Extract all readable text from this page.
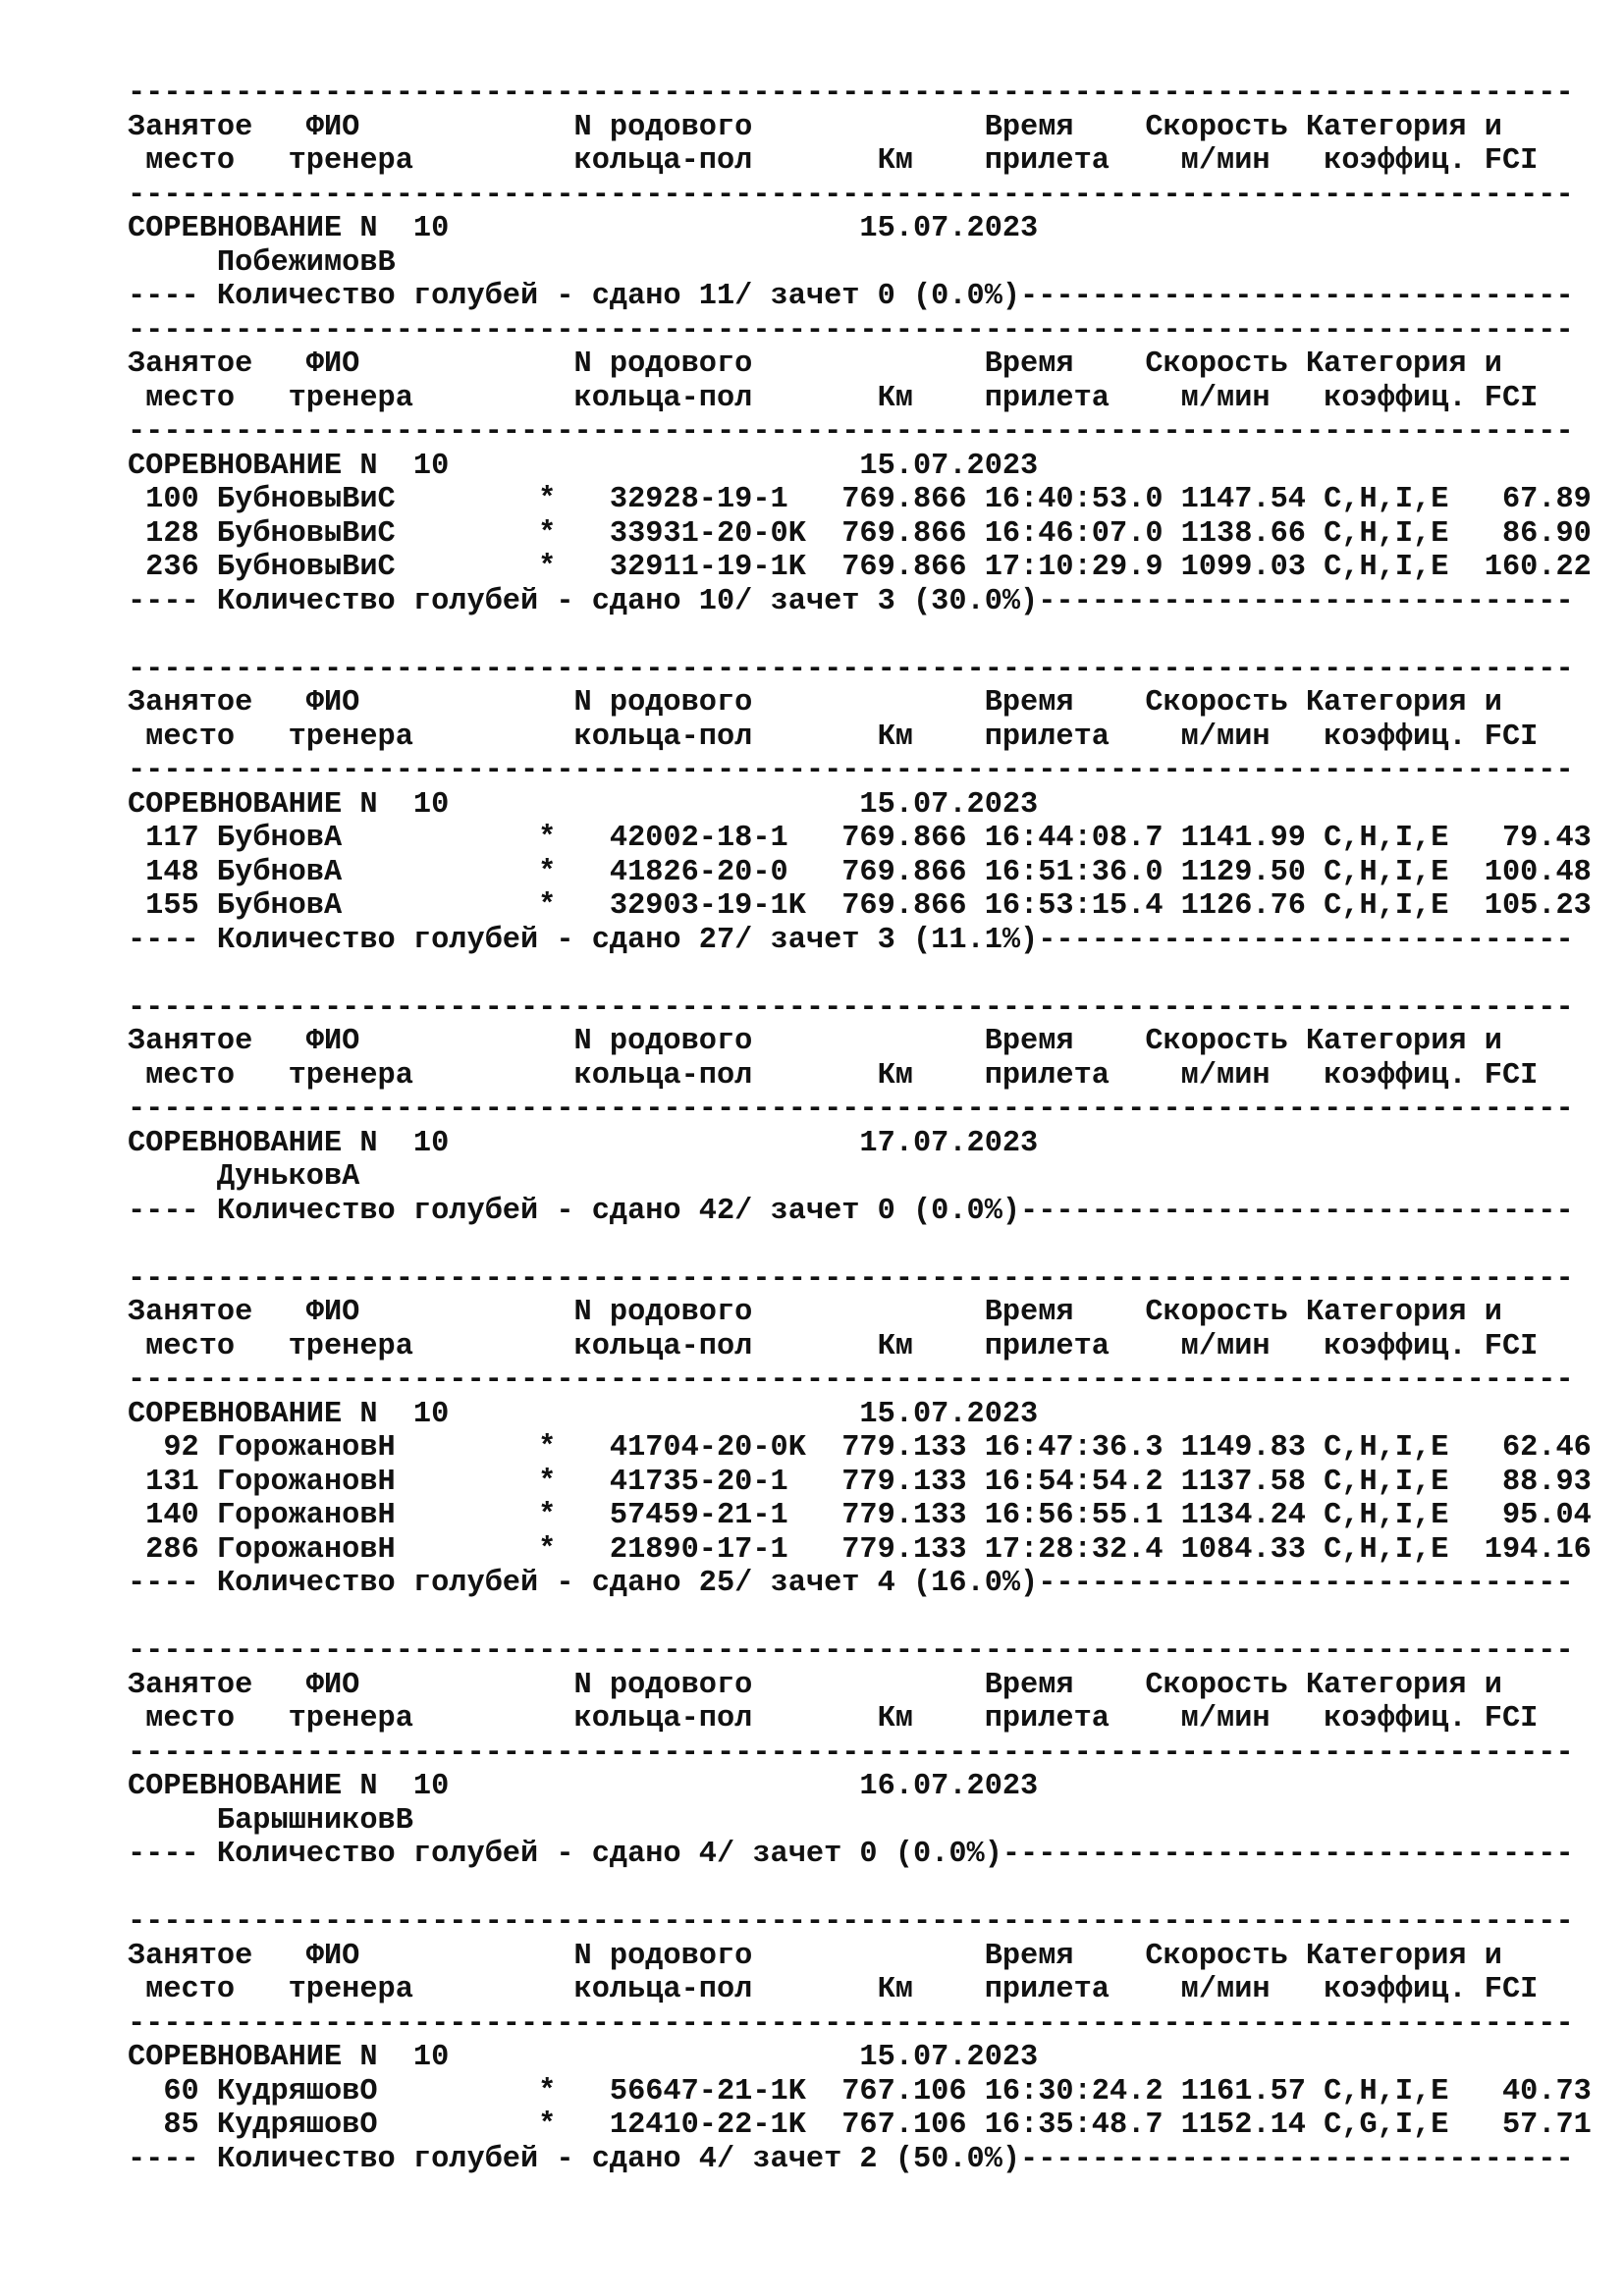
---------------------------------------------------------------------------------
Занятое   ФИО            N родового             Время    Скорость Категория и
место   тренера         кольца-пол       Км    прилета    м/мин   коэффиц. FCI
---------------------------------------------------------------------------------
СОРЕВНОВАНИЕ N  10                       15.07.2023
ПобежимовВ
---- Количество голубей - сдано 11/ зачет 0 (0.0%)-------------------------------
---------------------------------------------------------------------------------
Занятое   ФИО            N родового             Время    Скорость Категория и
место   тренера         кольца-пол       Км    прилета    м/мин   коэффиц. FCI
---------------------------------------------------------------------------------
СОРЕВНОВАНИЕ N  10                       15.07.2023
100 БубновыВиС        *   32928-19-1   769.866 16:40:53.0 1147.54 C,H,I,E   67.89
128 БубновыВиС        *   33931-20-0K  769.866 16:46:07.0 1138.66 C,H,I,E   86.90
236 БубновыВиС        *   32911-19-1K  769.866 17:10:29.9 1099.03 C,H,I,E  160.22
---- Количество голубей - сдано 10/ зачет 3 (30.0%)------------------------------
---------------------------------------------------------------------------------
Занятое   ФИО            N родового             Время    Скорость Категория и
место   тренера         кольца-пол       Км    прилета    м/мин   коэффиц. FCI
---------------------------------------------------------------------------------
СОРЕВНОВАНИЕ N  10                       15.07.2023
117 БубновА           *   42002-18-1   769.866 16:44:08.7 1141.99 C,H,I,E   79.43
148 БубновА           *   41826-20-0   769.866 16:51:36.0 1129.50 C,H,I,E  100.48
155 БубновА           *   32903-19-1K  769.866 16:53:15.4 1126.76 C,H,I,E  105.23
---- Количество голубей - сдано 27/ зачет 3 (11.1%)------------------------------
---------------------------------------------------------------------------------
Занятое   ФИО            N родового             Время    Скорость Категория и
место   тренера         кольца-пол       Км    прилета    м/мин   коэффиц. FCI
---------------------------------------------------------------------------------
СОРЕВНОВАНИЕ N  10                       17.07.2023
ДуньковА
---- Количество голубей - сдано 42/ зачет 0 (0.0%)-------------------------------
---------------------------------------------------------------------------------
Занятое   ФИО            N родового             Время    Скорость Категория и
место   тренера         кольца-пол       Км    прилета    м/мин   коэффиц. FCI
---------------------------------------------------------------------------------
СОРЕВНОВАНИЕ N  10                       15.07.2023
92 ГорожановН        *   41704-20-0K  779.133 16:47:36.3 1149.83 C,H,I,E   62.46
131 ГорожановН        *   41735-20-1   779.133 16:54:54.2 1137.58 C,H,I,E   88.93
140 ГорожановН        *   57459-21-1   779.133 16:56:55.1 1134.24 C,H,I,E   95.04
286 ГорожановН        *   21890-17-1   779.133 17:28:32.4 1084.33 C,H,I,E  194.16
---- Количество голубей - сдано 25/ зачет 4 (16.0%)------------------------------
---------------------------------------------------------------------------------
Занятое   ФИО            N родового             Время    Скорость Категория и
место   тренера         кольца-пол       Км    прилета    м/мин   коэффиц. FCI
---------------------------------------------------------------------------------
СОРЕВНОВАНИЕ N  10                       16.07.2023
БарышниковВ
---- Количество голубей - сдано 4/ зачет 0 (0.0%)--------------------------------
---------------------------------------------------------------------------------
Занятое   ФИО            N родового             Время    Скорость Категория и
место   тренера         кольца-пол       Км    прилета    м/мин   коэффиц. FCI
---------------------------------------------------------------------------------
СОРЕВНОВАНИЕ N  10                       15.07.2023
60 КудряшовО         *   56647-21-1K  767.106 16:30:24.2 1161.57 C,H,I,E   40.73
85 КудряшовО         *   12410-22-1K  767.106 16:35:48.7 1152.14 C,G,I,E   57.71
---- Количество голубей - сдано 4/ зачет 2 (50.0%)-------------------------------
